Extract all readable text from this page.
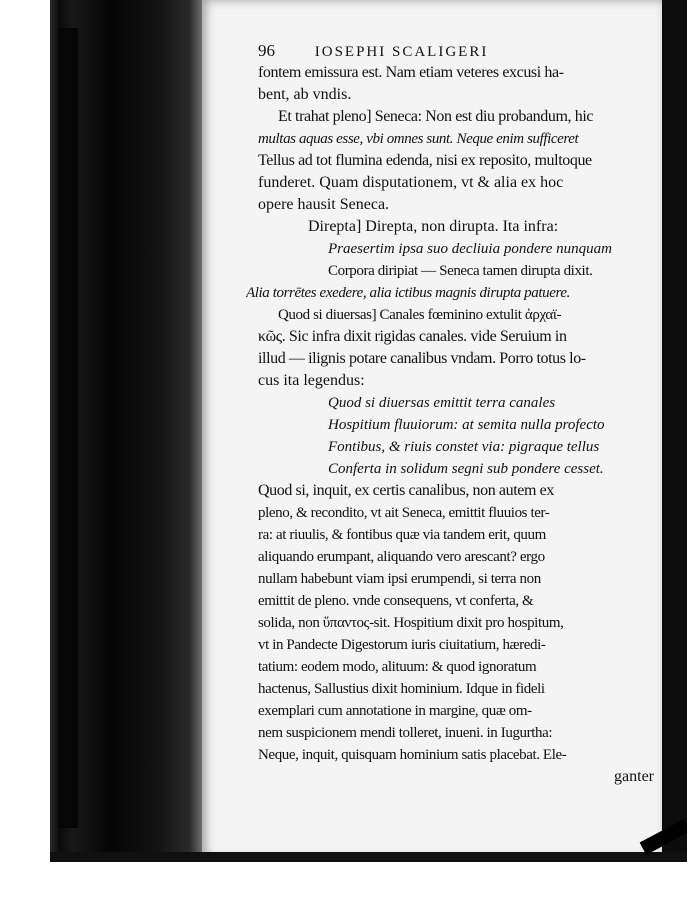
96	IOSEPHI SCALIGERI
fontem emissura est. Nam etiam veteres excusi ha-
bent, ab vndis.
Et trahat pleno] Seneca: Non est diu probandum, hic
multas aquas esse, vbi omnes sunt. Neque enim sufficeret
Tellus ad tot flumina edenda, nisi ex reposito, multoque
funderet. Quam disputationem, vt & alia ex hoc
opere hausit Seneca.
Direpta] Direpta, non dirupta. Ita infra:
Praesertim ipsa suo decliuia pondere nunquam
Corpora diripiat — Seneca tamen dirupta dixit.
Alia torrētes exedere, alia ictibus magnis dirupta patuere.
Quod si diuersas] Canales fœminino extulit ἀρχαϊ-
κῶς. Sic infra dixit rigidas canales. vide Seruium in
illud — ilignis potare canalibus vndam. Porro totus lo-
cus ita legendus:
Quod si diuersas emittit terra canales
Hospitium fluuiorum: at semita nulla profecto
Fontibus, & riuis constet via: pigraque tellus
Conferta in solidum segni sub pondere cesset.
Quod si, inquit, ex certis canalibus, non autem ex
pleno, & recondito, vt ait Seneca, emittit fluuios ter-
ra: at riuulis, & fontibus quæ via tandem erit, quum
aliquando erumpant, aliquando vero arescant? ergo
nullam habebunt viam ipsi erumpendi, si terra non
emittit de pleno. vnde consequens, vt conferta, &
solida, non ὕπαντος-sit. Hospitium dixit pro hospitum,
vt in Pandecte Digestorum iuris ciuitatium, hæredi-
tatium: eodem modo, alituum: & quod ignoratum
hactenus, Sallustius dixit hominium. Idque in fideli
exemplari cum annotatione in margine, quæ om-
nem suspicionem mendi tolleret, inueni. in Iugurtha:
Neque, inquit, quisquam hominium satis placebat. Ele-
ganter
